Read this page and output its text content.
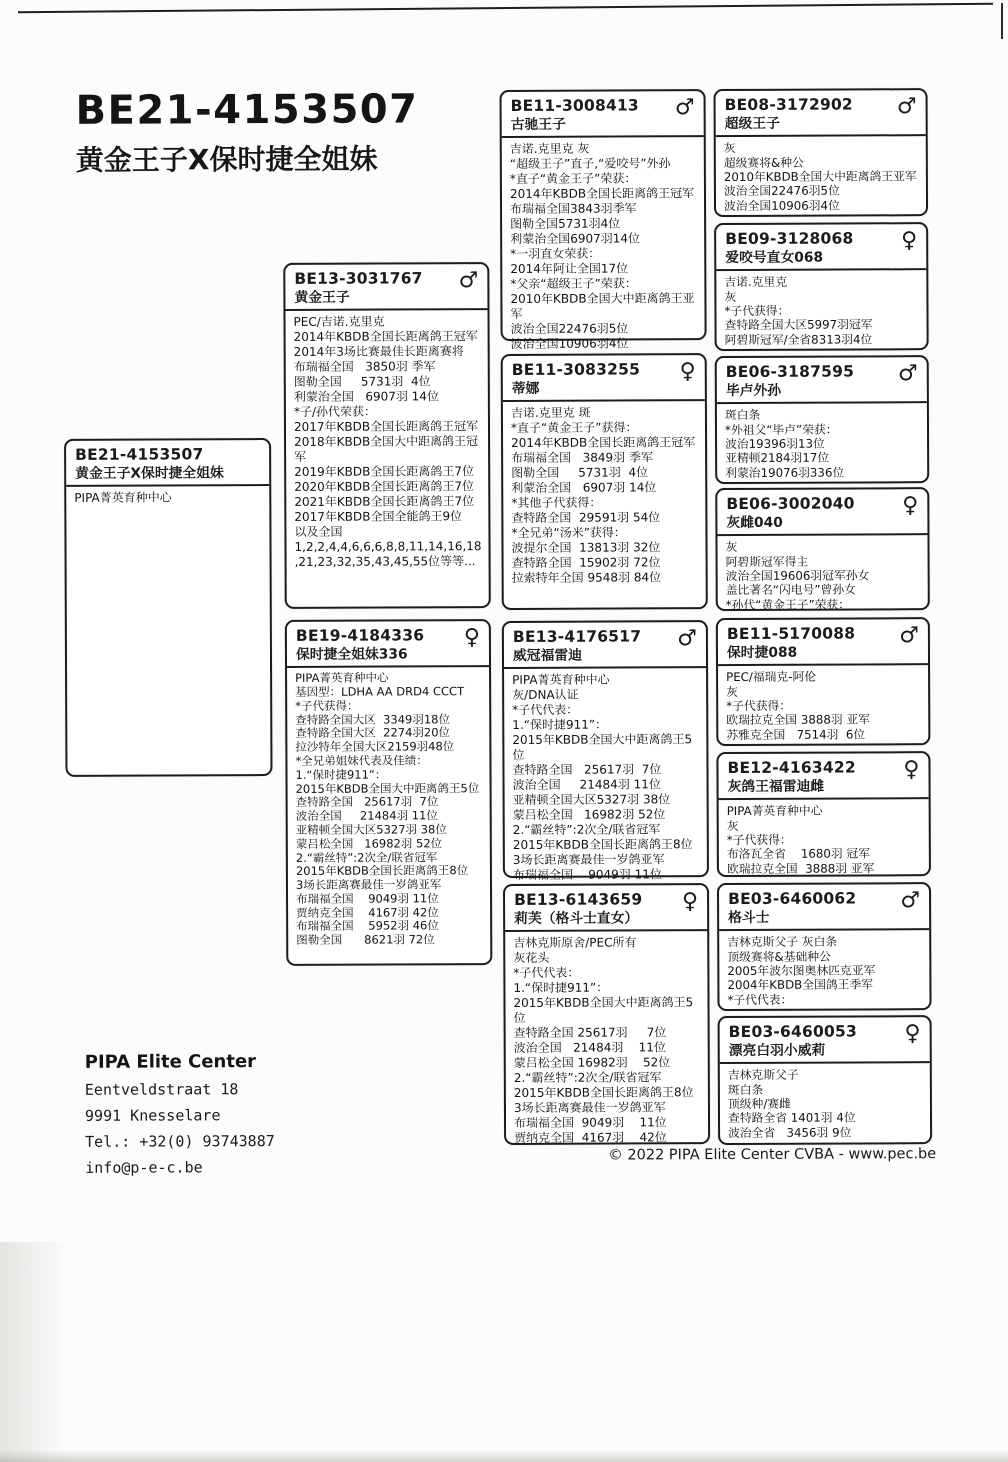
BE21-4153507
黄金王子X保时捷全姐妹
BE21-4153507
黄金王子X保时捷全姐妹
PIPA菁英育种中心
BE13-3031767
黄金王子
♂
PEC/吉诺.克里克
2014年KBDB全国长距离鸽王冠军
2014年3场比赛最佳长距离赛将
布瑞福全国   3850羽 季军
图勒全国     5731羽  4位
利蒙治全国   6907羽 14位
*子/孙代荣获：
2017年KBDB全国长距离鸽王冠军
2018年KBDB全国大中距离鸽王冠军
2019年KBDB全国长距离鸽王7位
2020年KBDB全国长距离鸽王7位
2021年KBDB全国长距离鸽王7位
2017年KBDB全国全能鸽王9位
以及全国
1,2,2,4,4,6,6,6,8,8,11,14,16,18
,21,23,32,35,43,45,55位等等...
BE19-4184336
保时捷全姐妹336
♀
PIPA菁英育种中心
基因型：LDHA AA DRD4 CCCT
*子代获得：
查特路全国大区  3349羽18位
查特路全国大区  2274羽20位
拉沙特年全国大区2159羽48位
*全兄弟姐妹代表及佳绩：
1.“保时捷911”：
2015年KBDB全国大中距离鸽王5位
查特路全国   25617羽  7位
波治全国     21484羽 11位
亚精顿全国大区5327羽 38位
蒙吕松全国   16982羽 52位
2.“霸丝特”:2次全/联省冠军
2015年KBDB全国长距离鸽王8位
3场长距离赛最佳一岁鸽亚军
布瑞福全国    9049羽 11位
贾纳克全国    4167羽 42位
布瑞福全国    5952羽 46位
图勒全国      8621羽 72位
BE11-3008413
古驰王子
♂
吉诺.克里克 灰
“超级王子”直子,“爱咬号”外孙
*直子“黄金王子”荣获：
2014年KBDB全国长距离鸽王冠军
布瑞福全国3843羽季军
图勒全国5731羽4位
利蒙治全国6907羽14位
*一羽直女荣获：
2014年阿让全国17位
*父亲“超级王子”荣获：
2010年KBDB全国大中距离鸽王亚军
波治全国22476羽5位
波治全国10906羽4位
BE11-3083255
蒂娜
♀
吉诺.克里克 斑
*直子“黄金王子”获得：
2014年KBDB全国长距离鸽王冠军
布瑞福全国   3849羽 季军
图勒全国     5731羽  4位
利蒙治全国   6907羽 14位
*其他子代获得：
查特路全国  29591羽 54位
*全兄弟“汤米”获得：
波提尔全国  13813羽 32位
查特路全国  15902羽 72位
拉索特年全国 9548羽 84位
BE13-4176517
威冠福雷迪
♂
PIPA菁英育种中心
灰/DNA认证
*子代代表：
1.“保时捷911”：
2015年KBDB全国大中距离鸽王5位
查特路全国   25617羽  7位
波治全国     21484羽 11位
亚精顿全国大区5327羽 38位
蒙吕松全国   16982羽 52位
2.“霸丝特”:2次全/联省冠军
2015年KBDB全国长距离鸽王8位
3场长距离赛最佳一岁鸽亚军
布瑞福全国    9049羽 11位
BE13-6143659
莉芙（格斗士直女）
♀
吉林克斯原舍/PEC所有
灰花头
*子代代表：
1.“保时捷911”：
2015年KBDB全国大中距离鸽王5位
查特路全国 25617羽     7位
波治全国   21484羽    11位
蒙吕松全国 16982羽    52位
2.“霸丝特”:2次全/联省冠军
2015年KBDB全国长距离鸽王8位
3场长距离赛最佳一岁鸽亚军
布瑞福全国  9049羽    11位
贾纳克全国  4167羽    42位
BE08-3172902
超级王子
♂
灰
超级赛将&种公
2010年KBDB全国大中距离鸽王亚军
波治全国22476羽5位
波治全国10906羽4位
BE09-3128068
爱咬号直女068
♀
吉诺.克里克
灰
*子代获得：
查特路全国大区5997羽冠军
阿碧斯冠军/全省8313羽4位
BE06-3187595
毕卢外孙
♂
斑白条
*外祖父“毕卢”荣获：
波治19396羽13位
亚精顿2184羽17位
利蒙治19076羽336位
BE06-3002040
灰雌040
♀
灰
阿碧斯冠军得主
波治全国19606羽冠军孙女
盖比著名“闪电号”曾孙女
*孙代“黄金王子”荣获：
BE11-5170088
保时捷088
♂
PEC/福瑞克-阿伦
灰
*子代获得：
欧瑞拉克全国 3888羽 亚军
苏雅克全国   7514羽  6位
BE12-4163422
灰鸽王福雷迪雌
♀
PIPA菁英育种中心
灰
*子代获得：
布洛瓦全省    1680羽 冠军
欧瑞拉克全国  3888羽 亚军
BE03-6460062
格斗士
♂
吉林克斯父子 灰白条
顶级赛将&基础种公
2005年波尔图奥林匹克亚军
2004年KBDB全国鸽王季军
*子代代表：
BE03-6460053
漂亮白羽小威莉
♀
吉林克斯父子
斑白条
顶级种/赛雌
查特路全省 1401羽 4位
波治全省   3456羽 9位
PIPA Elite Center
Eentveldstraat 18
9991 Knesselare
Tel.: +32(0) 93743887
info@p-e-c.be
© 2022 PIPA Elite Center CVBA - www.pec.be
